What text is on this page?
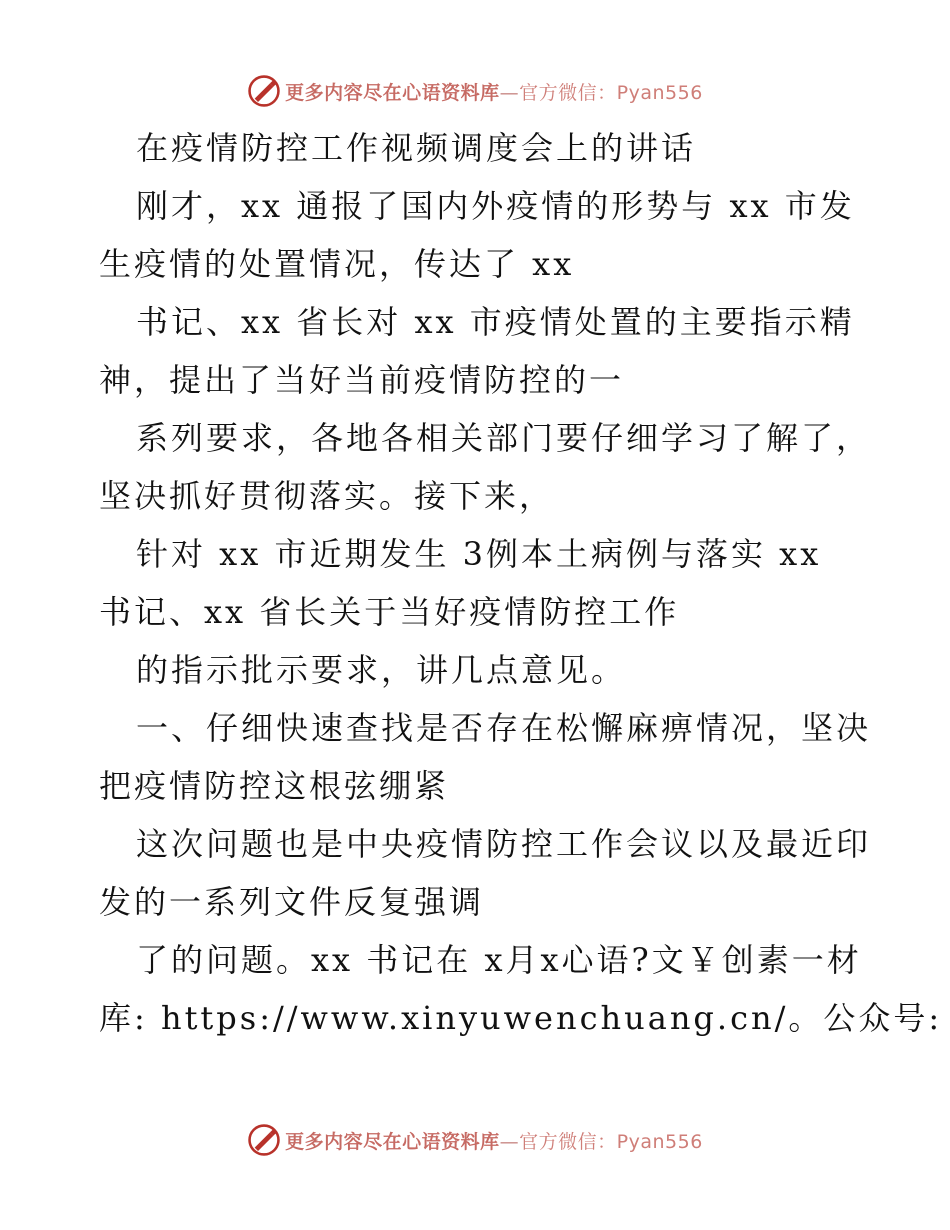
更多内容尽在心语资料库—官方微信：Pyan556
在疫情防控工作视频调度会上的讲话
刚才，xx 通报了国内外疫情的形势与 xx 市发
生疫情的处置情况，传达了 xx
书记、xx 省长对 xx 市疫情处置的主要指示精
神，提出了当好当前疫情防控的一
系列要求，各地各相关部门要仔细学习了解了，
坚决抓好贯彻落实。接下来，
针对 xx 市近期发生 3例本土病例与落实 xx
书记、xx 省长关于当好疫情防控工作
的指示批示要求，讲几点意见。
一、仔细快速查找是否存在松懈麻痹情况，坚决
把疫情防控这根弦绷紧
这次问题也是中央疫情防控工作会议以及最近印
发的一系列文件反复强调
了的问题。xx 书记在 x月x心语?文￥创素一材
库: https://www.xinyuwenchuang.cn/。公众号:
更多内容尽在心语资料库—官方微信：Pyan556
